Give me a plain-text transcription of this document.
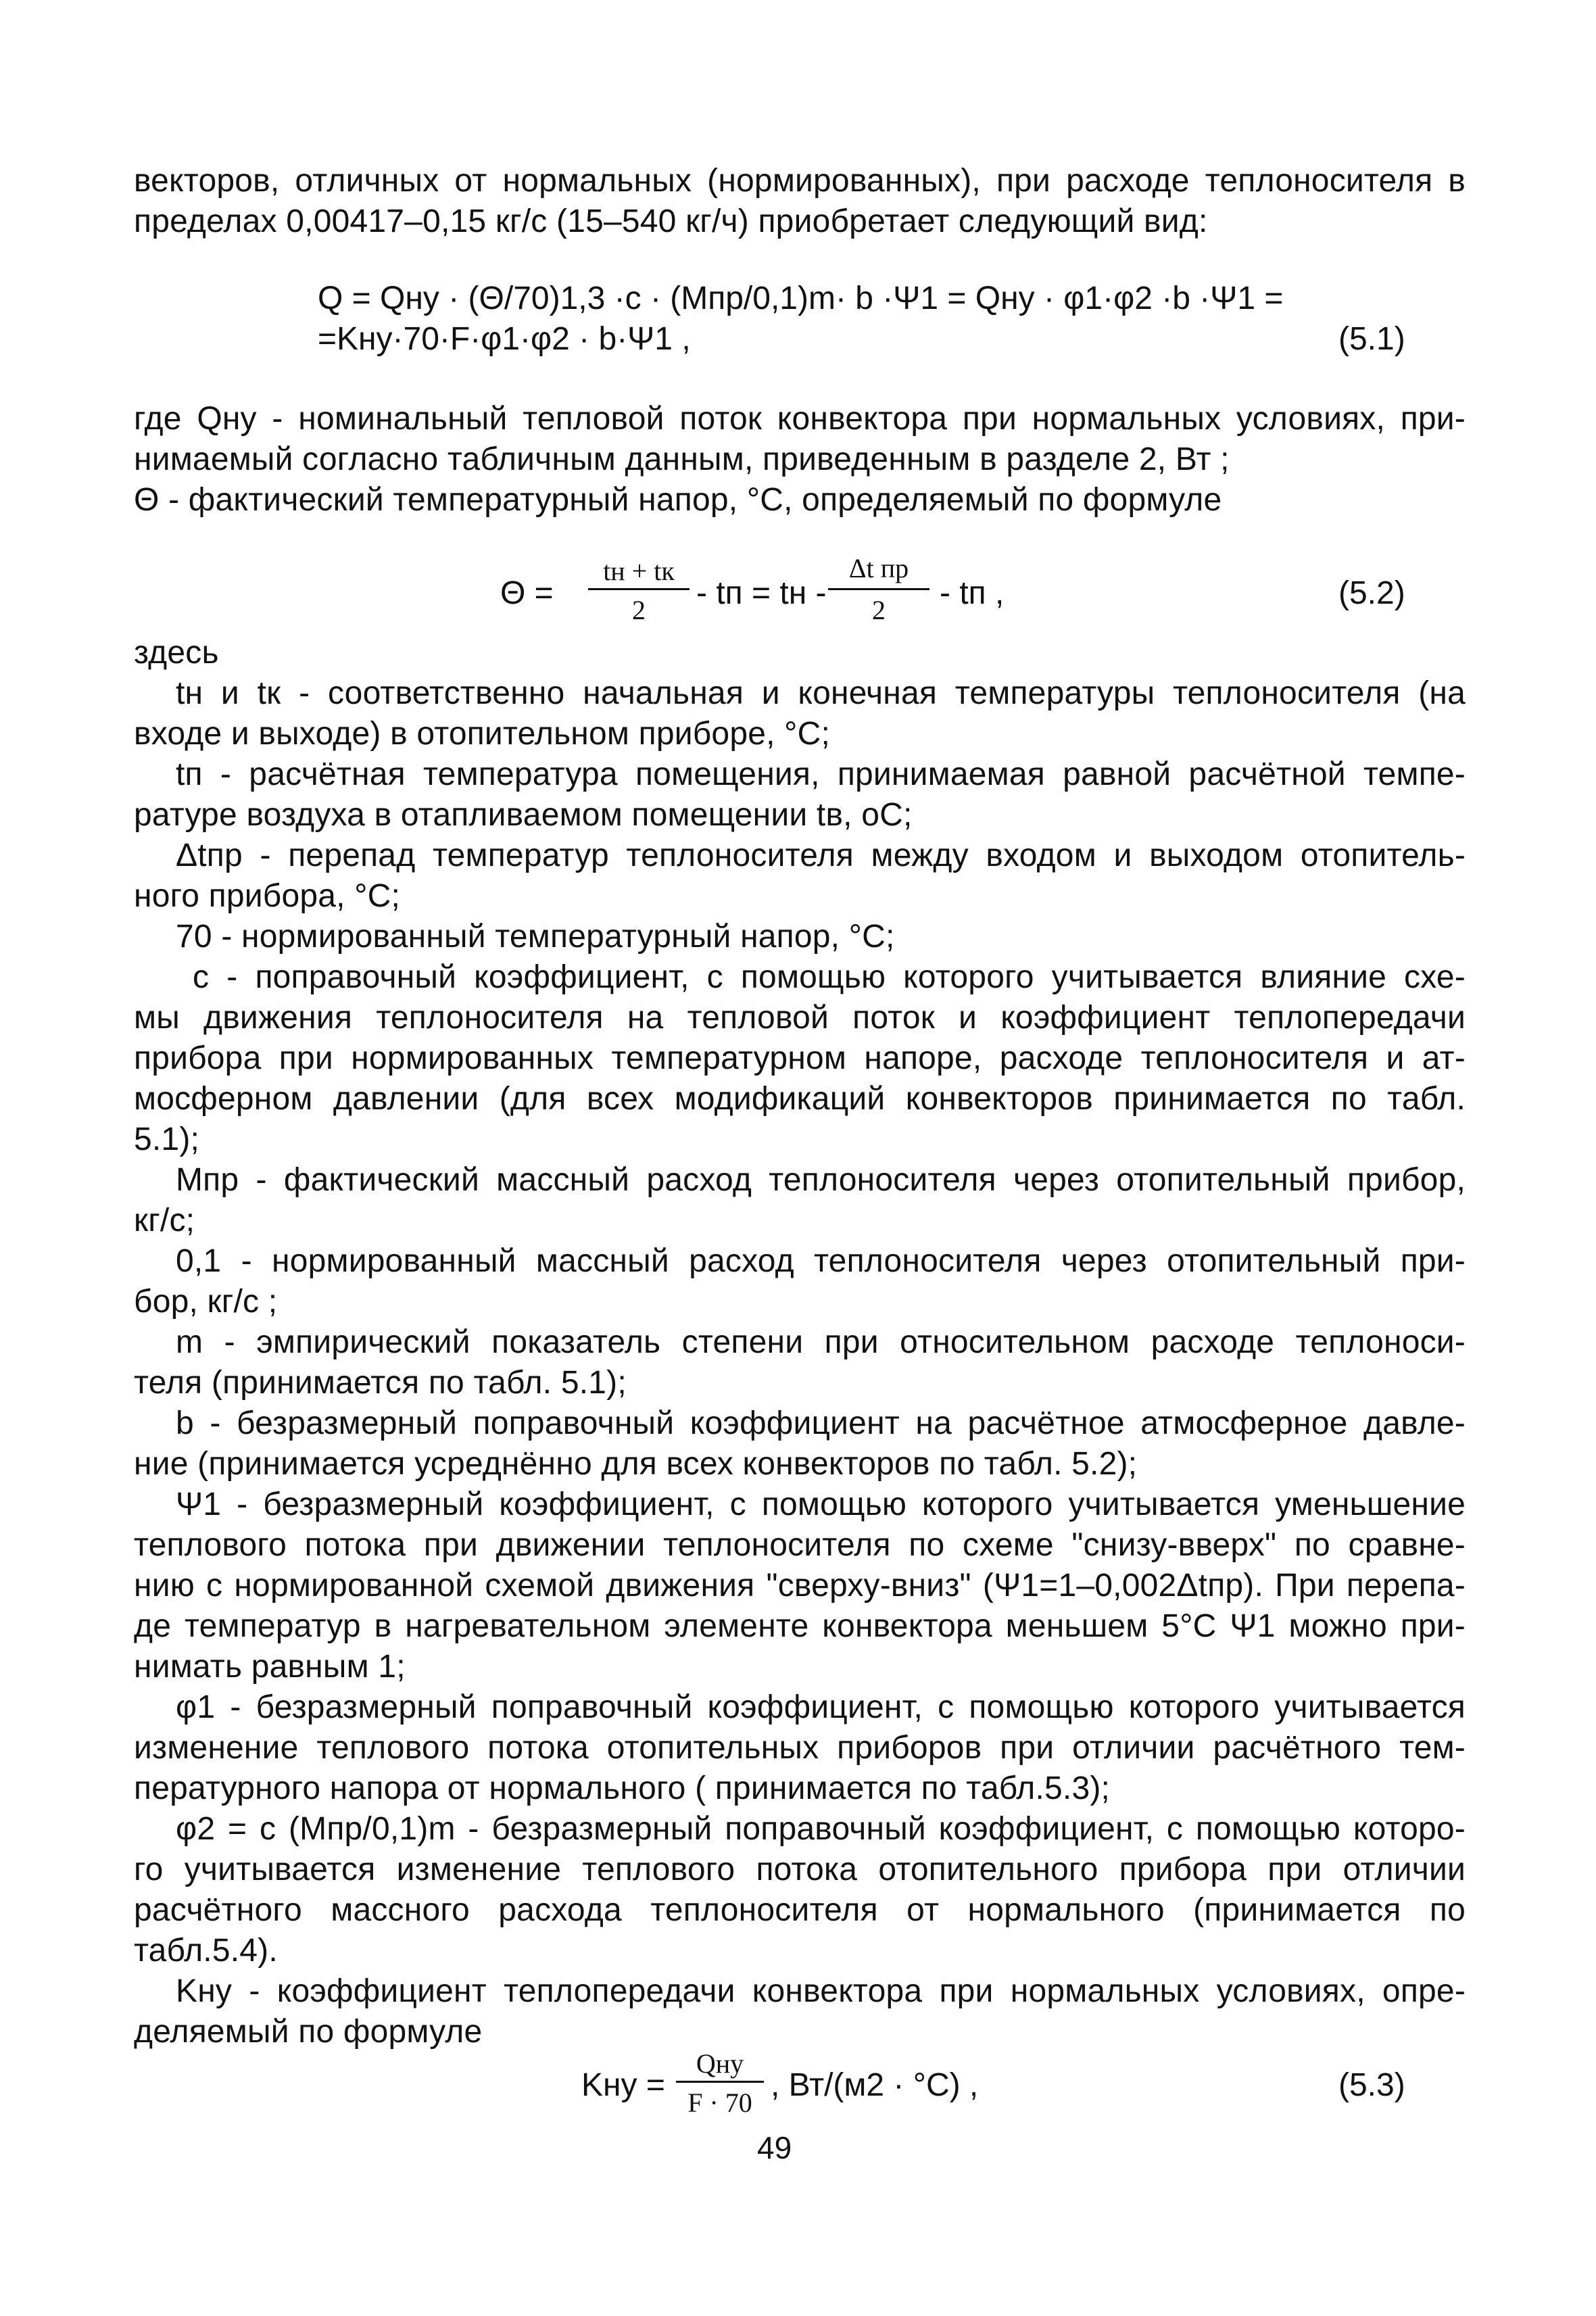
векторов, отличных от нормальных (нормированных), при расходе теплоносителя в
пределах 0,00417–0,15 кг/с (15–540 кг/ч) приобретает следующий вид:
Q = Qну · (Θ/70)1,3 ·c · (Mпр/0,1)m· b ·Ψ1 = Qну · φ1·φ2 ·b ·Ψ1 =
=Kну·70·F·φ1·φ2 · b·Ψ1 ,	(5.1)
где Qну - номинальный тепловой поток конвектора при нормальных условиях, при-
нимаемый согласно табличным данным, приведенным в разделе 2, Вт ;
Θ - фактический температурный напор, °С, определяемый по формуле
Θ =
tн + tк
2	- tп = tн -
Δt пр
2	- tп ,	(5.2)
здесь
tн и tк - соответственно начальная и конечная температуры теплоносителя (на
входе и выходе) в отопительном приборе, °С;
tп - расчётная температура помещения, принимаемая равной расчётной темпе-
ратуре воздуха в отапливаемом помещении tв, оС;
Δtпр - перепад температур теплоносителя между входом и выходом отопитель-
ного прибора, °С;
70 - нормированный температурный напор, °С;
с - поправочный коэффициент, с помощью которого учитывается влияние схе-
мы движения теплоносителя на тепловой поток и коэффициент теплопередачи
прибора при нормированных температурном напоре, расходе теплоносителя и ат-
мосферном давлении (для всех модификаций конвекторов принимается по табл.
5.1);
Mпр - фактический массный расход теплоносителя через отопительный прибор,
кг/с;
0,1 - нормированный массный расход теплоносителя через отопительный при-
бор, кг/с ;
m - эмпирический показатель степени при относительном расходе теплоноси-
теля (принимается по табл. 5.1);
b - безразмерный поправочный коэффициент на расчётное атмосферное давле-
ние (принимается усреднённо для всех конвекторов по табл. 5.2);
Ψ1 - безразмерный коэффициент, с помощью которого учитывается уменьшение
теплового потока при движении теплоносителя по схеме "снизу-вверх" по сравне-
нию с нормированной схемой движения "сверху-вниз" (Ψ1=1–0,002Δtпр). При перепа-
де температур в нагревательном элементе конвектора меньшем 5°С Ψ1 можно при-
нимать равным 1;
φ1 - безразмерный поправочный коэффициент, с помощью которого учитывается
изменение теплового потока отопительных приборов при отличии расчётного тем-
пературного напора от нормального ( принимается по табл.5.3);
φ2 = c (Mпр/0,1)m - безразмерный поправочный коэффициент, с помощью которо-
го учитывается изменение теплового потока отопительного прибора при отличии
расчётного массного расхода теплоносителя от нормального (принимается по
табл.5.4).
Kну - коэффициент теплопередачи конвектора при нормальных условиях, опре-
деляемый по формуле
Kну =
Qну
F · 70 , Вт/(м2 · °С) ,	(5.3)
49
